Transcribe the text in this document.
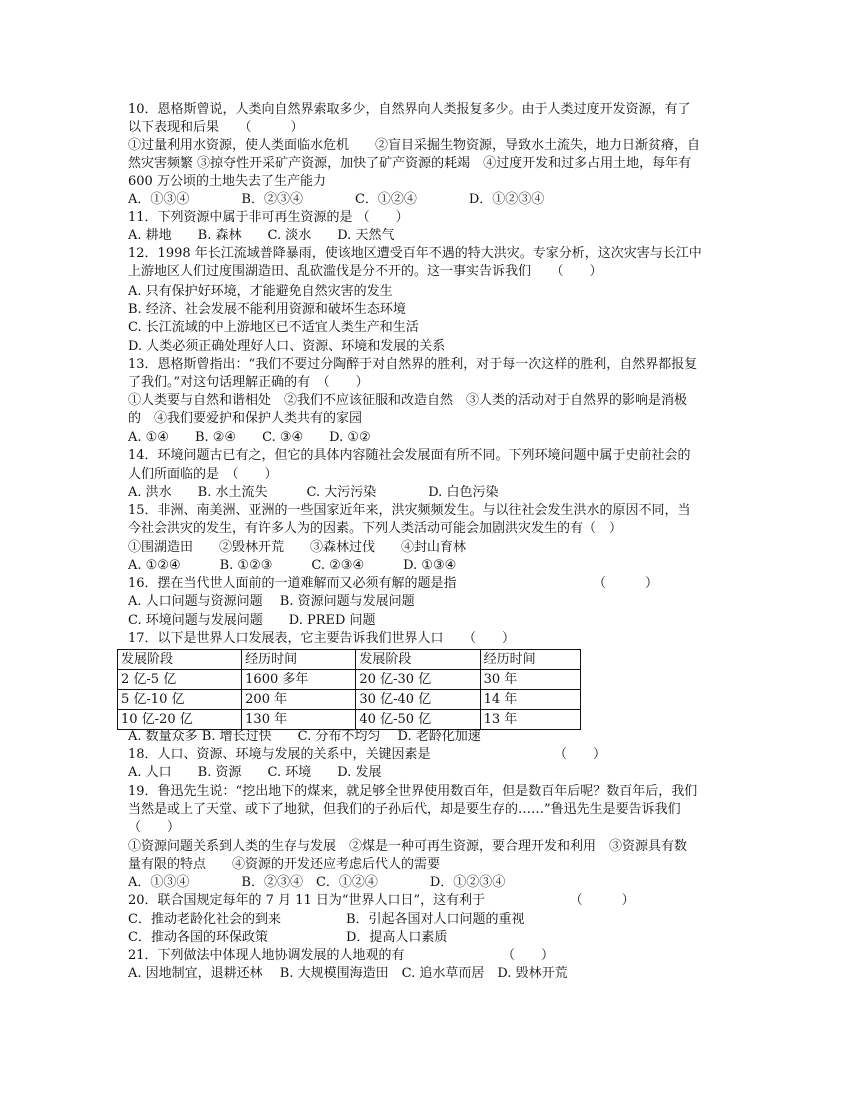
10．恩格斯曾说，人类向自然界索取多少，自然界向人类报复多少。由于人类过度开发资源，有了
以下表现和后果　　（　　　）
①过量利用水资源，使人类面临水危机　　②盲目采掘生物资源，导致水土流失，地力日渐贫瘠，自
然灾害频繁 ③掠夺性开采矿产资源，加快了矿产资源的耗竭　④过度开发和过多占用土地，每年有
600 万公顷的土地失去了生产能力
A．①③④　　　　B．②③④　　　　C．①②④　　　　D．①②③④
11．下列资源中属于非可再生资源的是 （　　）
A. 耕地　　B. 森林　　C. 淡水　　D. 天然气
12．1998 年长江流域普降暴雨，使该地区遭受百年不遇的特大洪灾。专家分析，这次灾害与长江中
上游地区人们过度围湖造田、乱砍滥伐是分不开的。这一事实告诉我们　　（　　）
A. 只有保护好环境，才能避免自然灾害的发生
B. 经济、社会发展不能利用资源和破坏生态环境
C. 长江流域的中上游地区已不适宜人类生产和生活
D. 人类必须正确处理好人口、资源、环境和发展的关系
13．恩格斯曾指出：“我们不要过分陶醉于对自然界的胜利，对于每一次这样的胜利，自然界都报复
了我们。”对这句话理解正确的有　（　　）
①人类要与自然和谐相处　②我们不应该征服和改造自然　③人类的活动对于自然界的影响是消极
的　④我们要爱护和保护人类共有的家园
A. ①④　　B. ②④　　C. ③④　　D. ①②
14．环境问题古已有之，但它的具体内容随社会发展面有所不同。下列环境问题中属于史前社会的
人们所面临的是　（　　）
A. 洪水　　B. 水土流失　　　C. 大污污染　　　　D. 白色污染
15．非洲、南美洲、亚洲的一些国家近年来，洪灾频频发生。与以往社会发生洪水的原因不同，当
今社会洪灾的发生，有许多人为的因素。下列人类活动可能会加剧洪灾发生的有（　）
①围湖造田　　②毁林开荒　　③森林过伐　　④封山育林
A. ①②④　　　B. ①②③　　　C. ②③④　　　D. ①③④
16．摆在当代世人面前的一道难解而又必须有解的题是指　　　　　　　　　　　（　　　）
A. 人口问题与资源问题　 B. 资源问题与发展问题
C. 环境问题与发展问题　　D. PRED 问题
17．以下是世界人口发展表，它主要告诉我们世界人口　　（　　）
发展阶段	经历时间	发展阶段	经历时间
2 亿-5 亿	1600 多年	20 亿-30 亿	30 年
5 亿-10 亿	200 年	30 亿-40 亿	14 年
10 亿-20 亿	130 年	40 亿-50 亿	13 年
A. 数量众多 B. 增长过快　　C. 分布不均匀　 D. 老龄化加速
18．人口、资源、环境与发展的关系中，关键因素是　　　　　　　　　　（　　）
A. 人口　　B. 资源　　C. 环境　　D. 发展
19．鲁迅先生说：“挖出地下的煤来，就足够全世界使用数百年，但是数百年后呢？数百年后，我们
当然是或上了天堂、或下了地狱，但我们的子孙后代，却是要生存的……”鲁迅先生是要告诉我们
（　　）
①资源问题关系到人类的生存与发展　②煤是一种可再生资源，要合理开发和利用　③资源具有数
量有限的特点　　④资源的开发还应考虑后代人的需要
A．①③④　　　　B．②③④　C．①②④　　　　D．①②③④
20．联合国规定每年的 7 月 11 日为“世界人口日”，这有利于　　　　　　　（　　　）
C．推动老龄化社会的到来　　　　　B．引起各国对人口问题的重视
C．推动各国的环保政策　　　　　　D．提高人口素质
21．下列做法中体现人地协调发展的人地观的有　　　　　　　　（　　）
A. 因地制宜，退耕还林　 B. 大规模围海造田　C. 追水草而居　D. 毁林开荒
